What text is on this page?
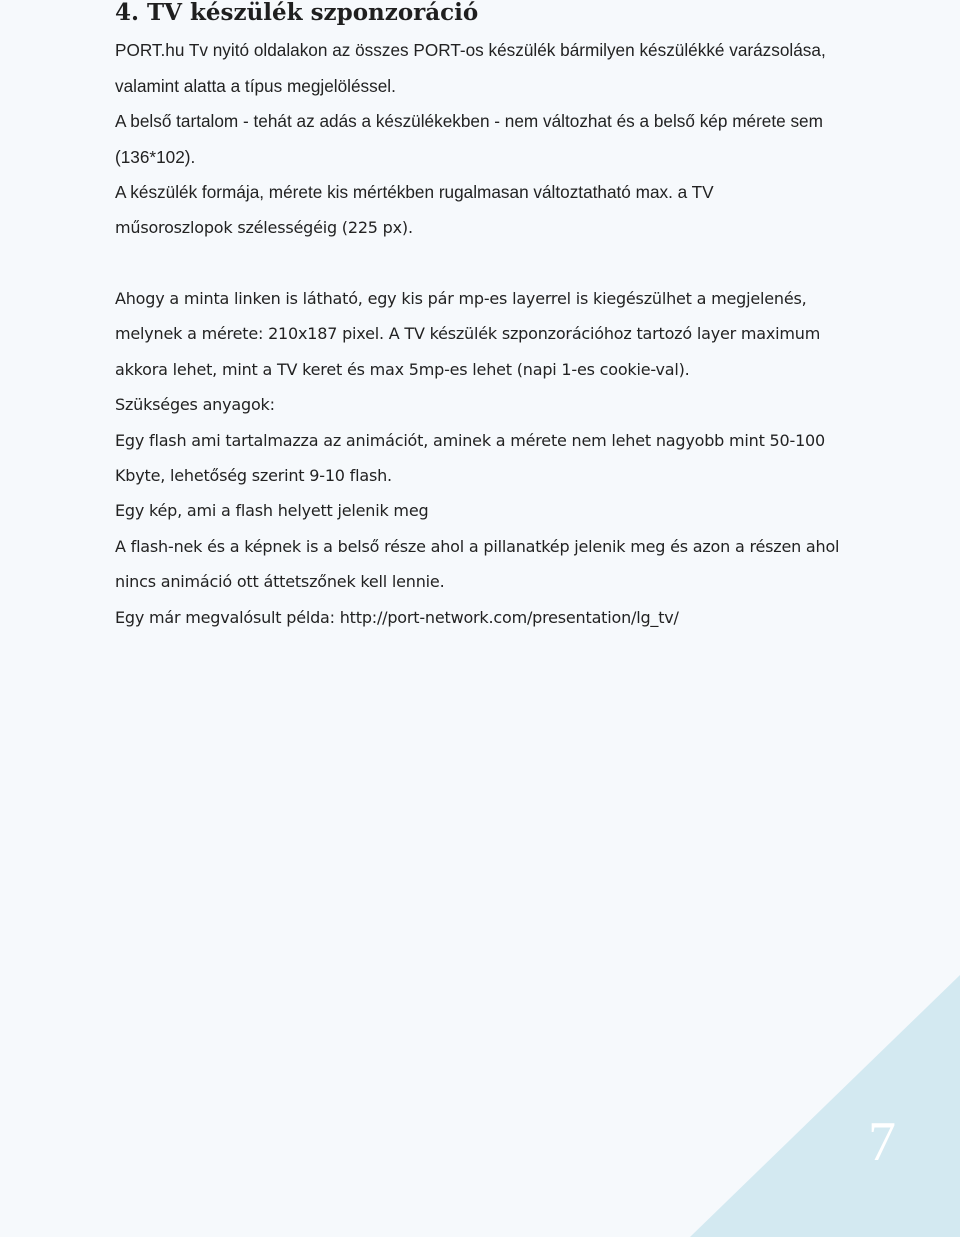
4. TV készülék szponzoráció
PORT.hu Tv nyitó oldalakon az összes PORT-os készülék bármilyen készülékké varázsolása,
valamint alatta a típus megjelöléssel.
A belső tartalom - tehát az adás a készülékekben - nem változhat és a belső kép mérete sem
(136*102).
A készülék formája, mérete kis mértékben rugalmasan változtatható max. a TV
műsoroszlopok szélességéig (225 px).
Ahogy a minta linken is látható, egy kis pár mp-es layerrel is kiegészülhet a megjelenés,
melynek a mérete: 210x187 pixel. A TV készülék szponzorációhoz tartozó layer maximum
akkora lehet, mint a TV keret és max 5mp-es lehet (napi 1-es cookie-val).
Szükséges anyagok:
Egy flash ami tartalmazza az animációt, aminek a mérete nem lehet nagyobb mint 50-100
Kbyte, lehetőség szerint 9-10 flash.
Egy kép, ami a flash helyett jelenik meg
A flash-nek és a képnek is a belső része ahol a pillanatkép jelenik meg és azon a részen ahol
nincs animáció ott áttetszőnek kell lennie.
Egy már megvalósult példa: http://port-network.com/presentation/lg_tv/
7
